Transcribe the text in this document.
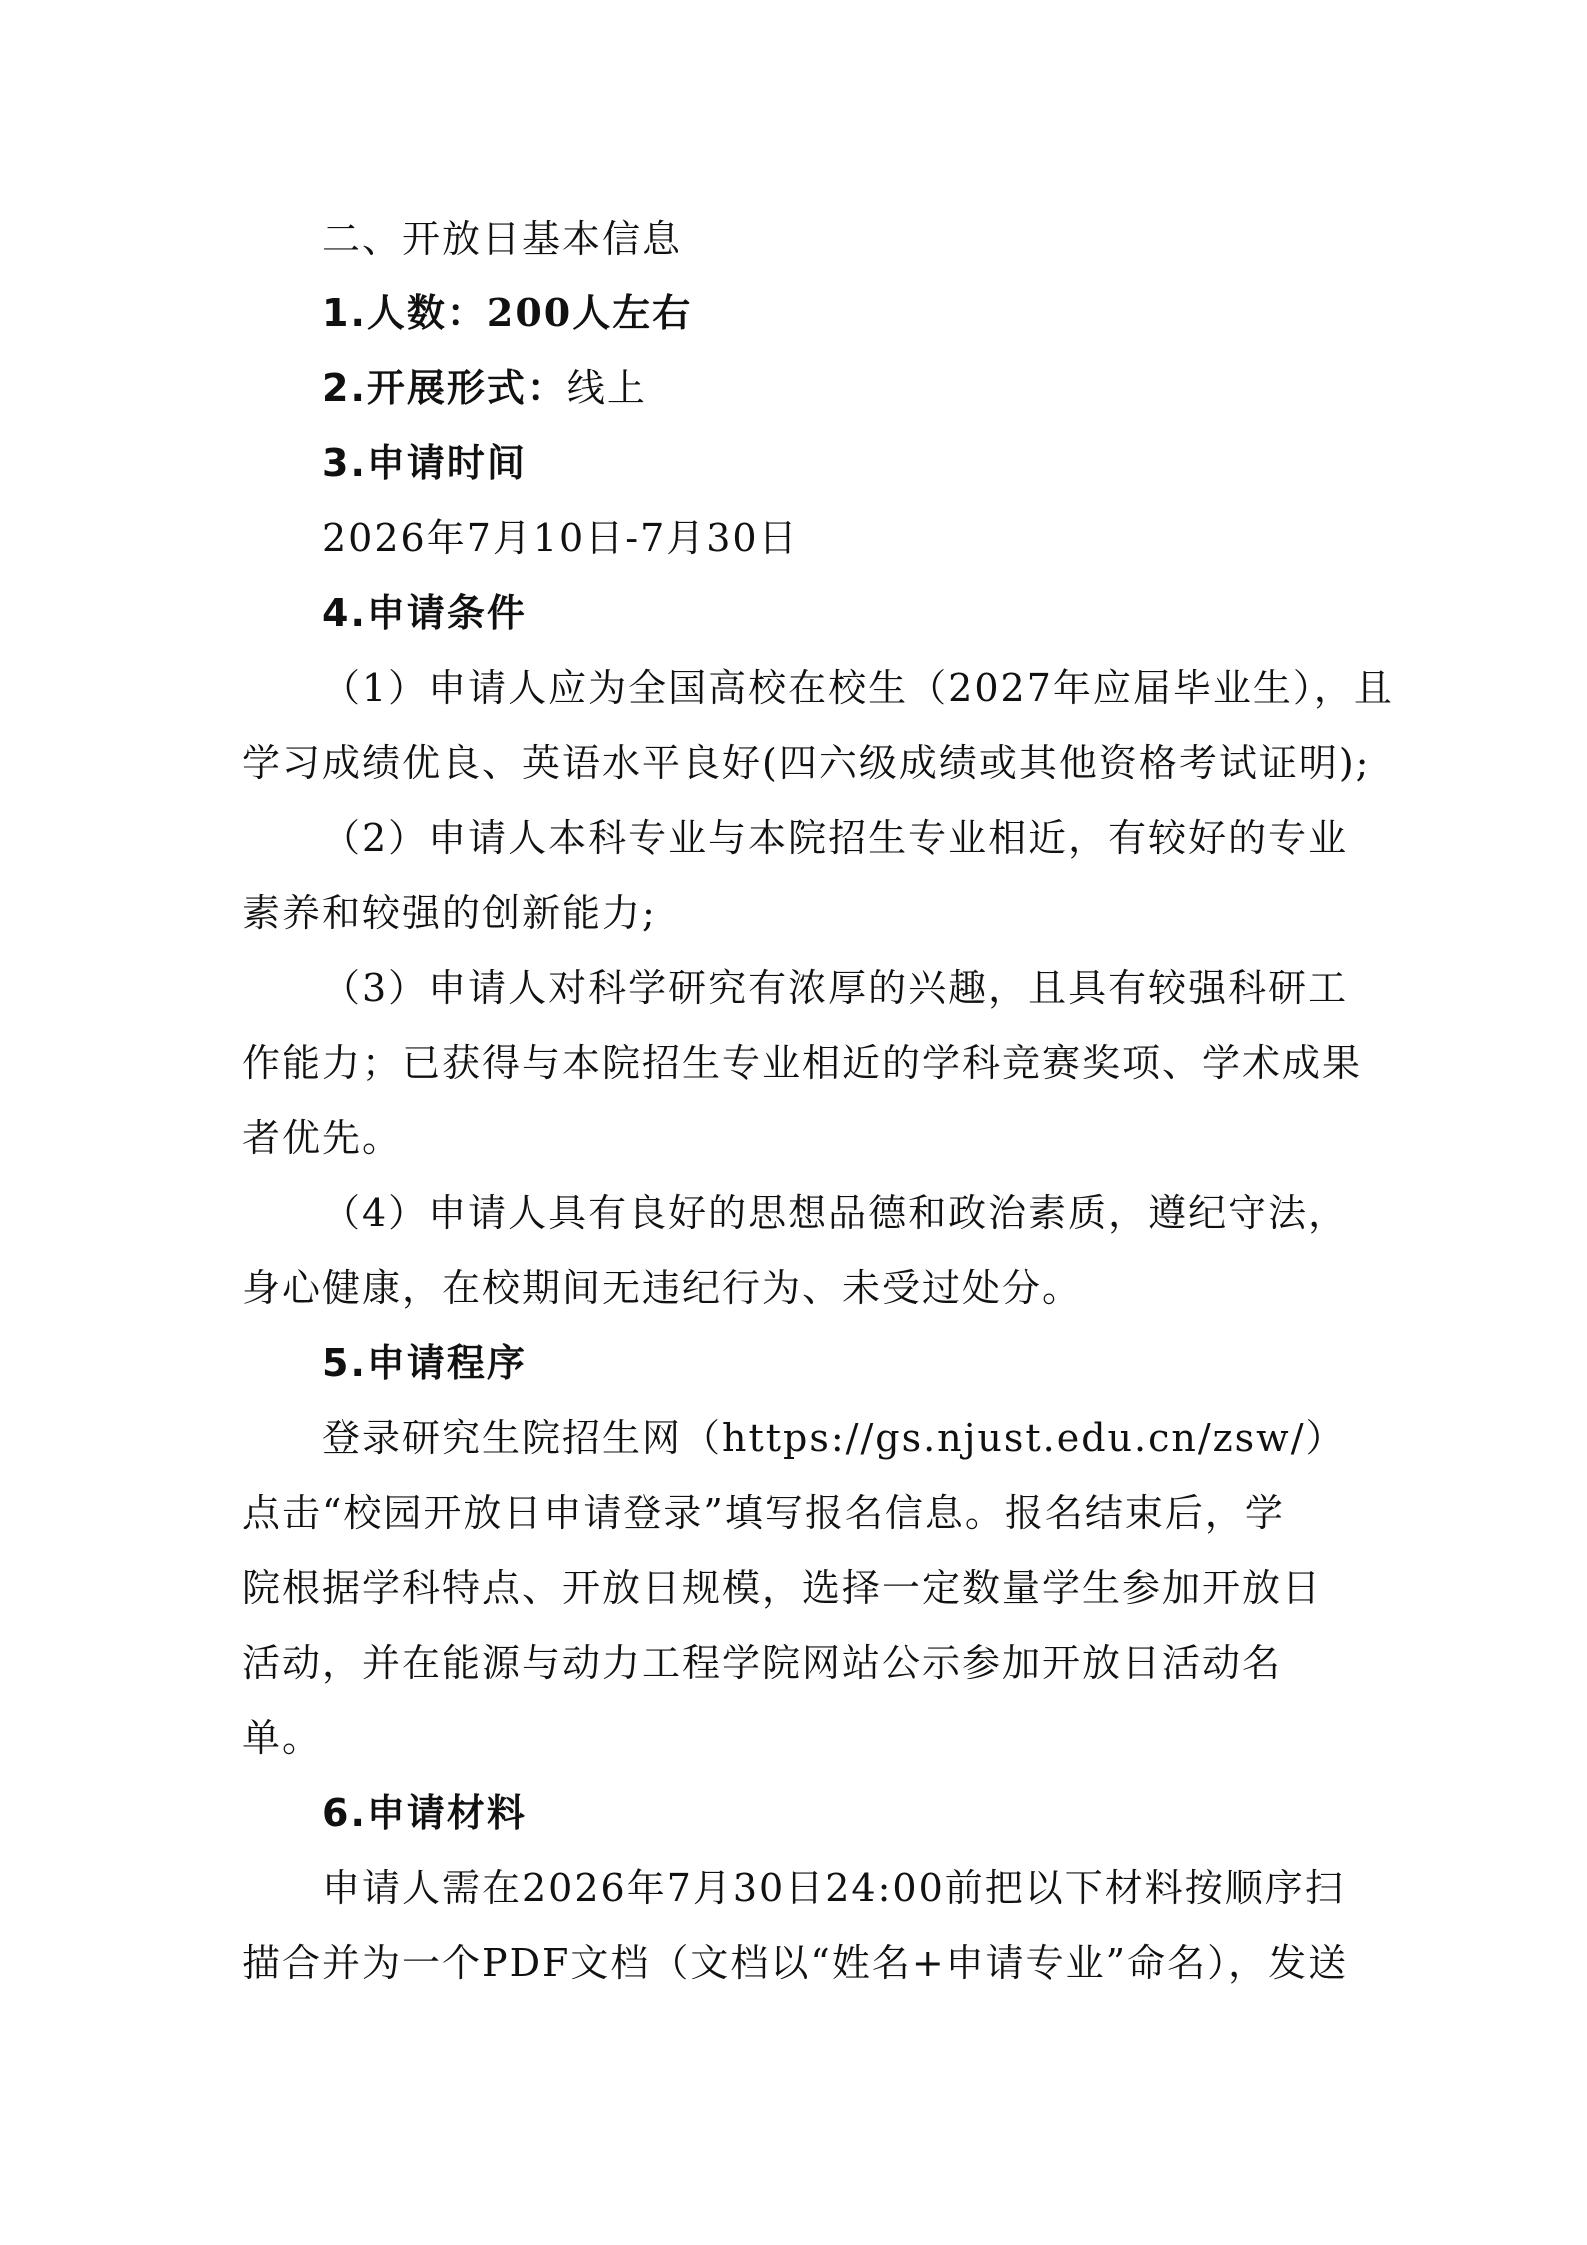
二、开放日基本信息
1.人数：200人左右
2.开展形式：线上
3.申请时间
2026年7月10日-7月30日
4.申请条件
（1）申请人应为全国高校在校生（2027年应届毕业生），且
学习成绩优良、英语水平良好(四六级成绩或其他资格考试证明);
（2）申请人本科专业与本院招生专业相近，有较好的专业
素养和较强的创新能力;
（3）申请人对科学研究有浓厚的兴趣，且具有较强科研工
作能力；已获得与本院招生专业相近的学科竞赛奖项、学术成果
者优先。
（4）申请人具有良好的思想品德和政治素质，遵纪守法，
身心健康，在校期间无违纪行为、未受过处分。
5.申请程序
登录研究生院招生网（https://gs.njust.edu.cn/zsw/）
点击“校园开放日申请登录”填写报名信息。报名结束后，学
院根据学科特点、开放日规模，选择一定数量学生参加开放日
活动，并在能源与动力工程学院网站公示参加开放日活动名
单。
6.申请材料
申请人需在2026年7月30日24:00前把以下材料按顺序扫
描合并为一个PDF文档（文档以“姓名+申请专业”命名），发送
